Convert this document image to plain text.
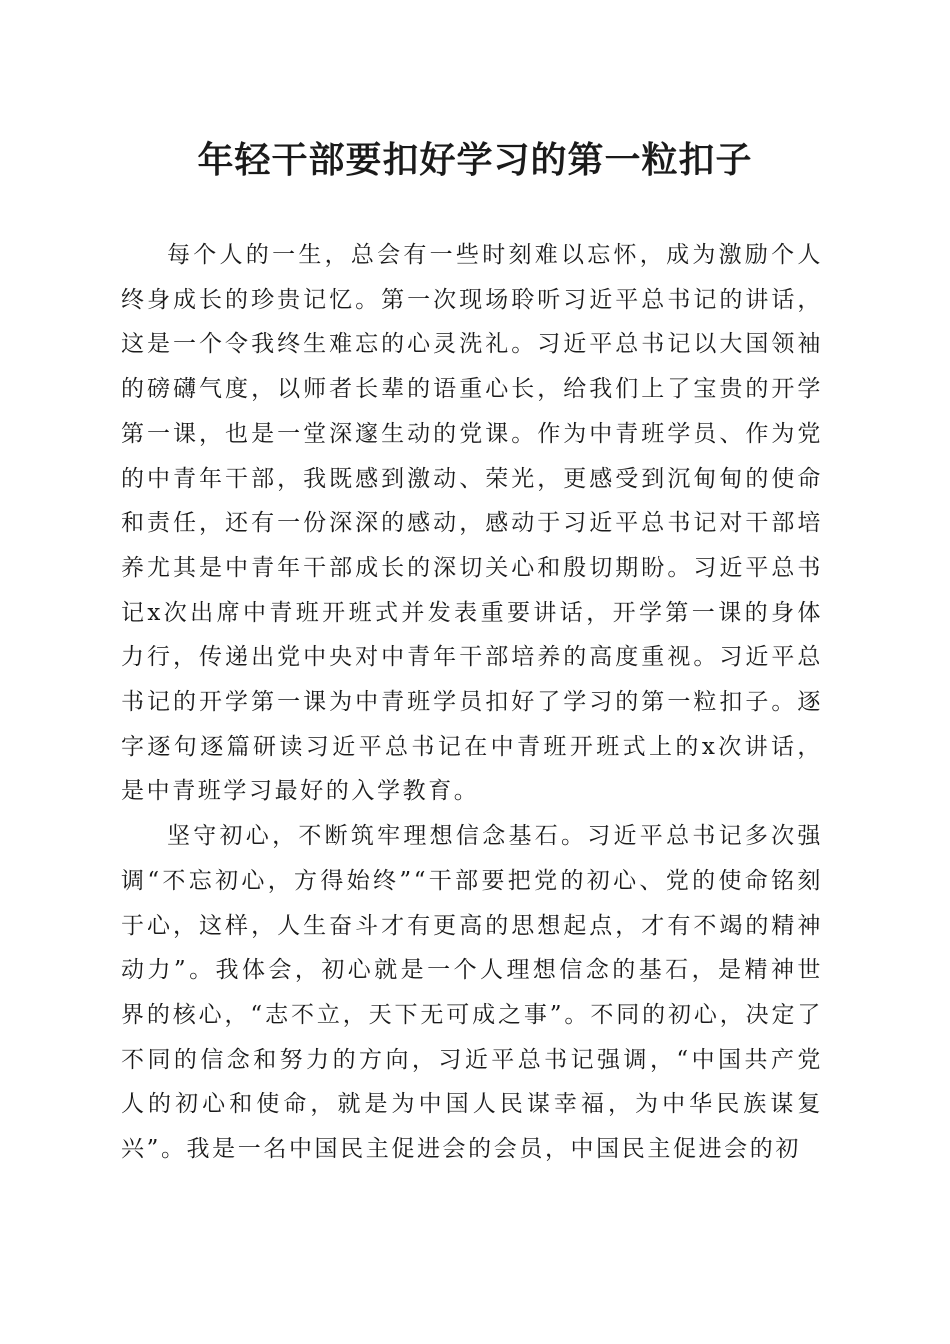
年轻干部要扣好学习的第一粒扣子

每个人的一生，总会有一些时刻难以忘怀，成为激励个人终身成长的珍贵记忆。第一次现场聆听习近平总书记的讲话，这是一个令我终生难忘的心灵洗礼。习近平总书记以大国领袖的磅礴气度，以师者长辈的语重心长，给我们上了宝贵的开学第一课，也是一堂深邃生动的党课。作为中青班学员、作为党的中青年干部，我既感到激动、荣光，更感受到沉甸甸的使命和责任，还有一份深深的感动，感动于习近平总书记对干部培养尤其是中青年干部成长的深切关心和殷切期盼。习近平总书记x次出席中青班开班式并发表重要讲话，开学第一课的身体力行，传递出党中央对中青年干部培养的高度重视。习近平总书记的开学第一课为中青班学员扣好了学习的第一粒扣子。逐字逐句逐篇研读习近平总书记在中青班开班式上的x次讲话，是中青班学习最好的入学教育。

坚守初心，不断筑牢理想信念基石。习近平总书记多次强调“不忘初心，方得始终”“干部要把党的初心、党的使命铭刻于心，这样，人生奋斗才有更高的思想起点，才有不竭的精神动力”。我体会，初心就是一个人理想信念的基石，是精神世界的核心，“志不立，天下无可成之事”。不同的初心，决定了不同的信念和努力的方向，习近平总书记强调，“中国共产党人的初心和使命，就是为中国人民谋幸福，为中华民族谋复兴”。我是一名中国民主促进会的会员，中国民主促进会的初
